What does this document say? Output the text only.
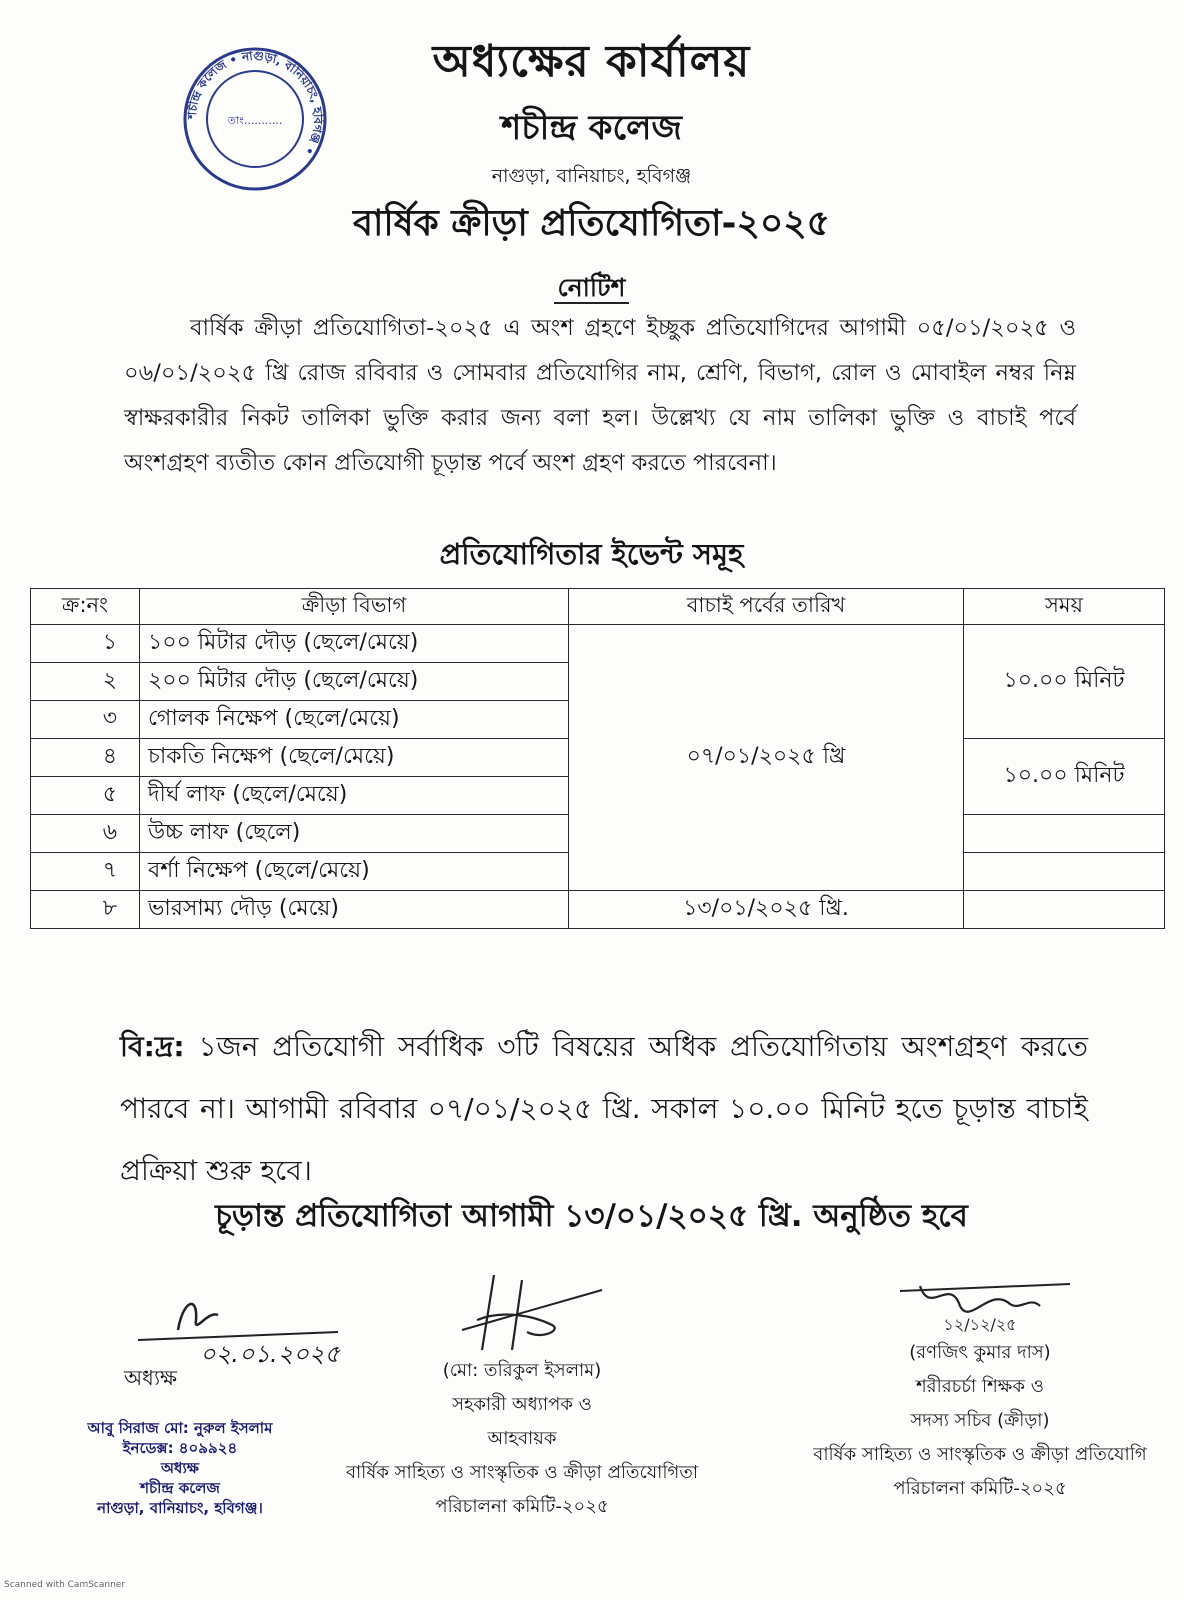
শচীন্দ্র কলেজ • নাগুড়া, বানিয়াচং, হবিগঞ্জ •
তাং...........
অধ্যক্ষের কার্যালয়
শচীন্দ্র কলেজ
নাগুড়া, বানিয়াচং, হবিগঞ্জ
বার্ষিক ক্রীড়া প্রতিযোগিতা-২০২৫
নোটিশ
বার্ষিক ক্রীড়া প্রতিযোগিতা-২০২৫ এ অংশ গ্রহণে ইচ্ছুক প্রতিযোগিদের আগামী ০৫/০১/২০২৫ ও ০৬/০১/২০২৫ খ্রি রোজ রবিবার ও সোমবার প্রতিযোগির নাম, শ্রেণি, বিভাগ, রোল ও মোবাইল নম্বর নিম্ন স্বাক্ষরকারীর নিকট তালিকা ভুক্তি করার জন্য বলা হল। উল্লেখ্য যে নাম তালিকা ভুক্তি ও বাচাই পর্বে অংশগ্রহণ ব্যতীত কোন প্রতিযোগী চূড়ান্ত পর্বে অংশ গ্রহণ করতে পারবেনা।
প্রতিযোগিতার ইভেন্ট সমূহ
ক্র:নং	ক্রীড়া বিভাগ	বাচাই পর্বের তারিখ	সময়
১	১০০ মিটার দৌড় (ছেলে/মেয়ে)	০৭/০১/২০২৫ খ্রি	১০.০০ মিনিট
২	২০০ মিটার দৌড় (ছেলে/মেয়ে)		
৩	গোলক নিক্ষেপ (ছেলে/মেয়ে)		
৪	চাকতি নিক্ষেপ (ছেলে/মেয়ে)		১০.০০ মিনিট
৫	দীর্ঘ লাফ (ছেলে/মেয়ে)		
৬	উচ্চ লাফ (ছেলে)		
৭	বর্শা নিক্ষেপ (ছেলে/মেয়ে)		
৮	ভারসাম্য দৌড় (মেয়ে)	১৩/০১/২০২৫ খ্রি.	
বি:দ্র: ১জন প্রতিযোগী সর্বাধিক ৩টি বিষয়ের অধিক প্রতিযোগিতায় অংশগ্রহণ করতে পারবে না। আগামী রবিবার ০৭/০১/২০২৫ খ্রি. সকাল ১০.০০ মিনিট হতে চূড়ান্ত বাচাই প্রক্রিয়া শুরু হবে।
চূড়ান্ত প্রতিযোগিতা আগামী ১৩/০১/২০২৫ খ্রি. অনুষ্ঠিত হবে
০২.০১.২০২৫
অধ্যক্ষ
আবু সিরাজ মো: নুরুল ইসলাম
ইনডেক্স: ৪০৯৯২৪
অধ্যক্ষ
শচীন্দ্র কলেজ
নাগুড়া, বানিয়াচং, হবিগঞ্জ।
(মো: তরিকুল ইসলাম)
সহকারী অধ্যাপক ও
আহবায়ক
বার্ষিক সাহিত্য ও সাংস্কৃতিক ও ক্রীড়া প্রতিযোগিতা
পরিচালনা কমিটি-২০২৫
১২/১২/২৫
(রণজিৎ কুমার দাস)
শরীরচর্চা শিক্ষক ও
সদস্য সচিব (ক্রীড়া)
বার্ষিক সাহিত্য ও সাংস্কৃতিক ও ক্রীড়া প্রতিযোগি
পরিচালনা কমিটি-২০২৫
Scanned with CamScanner
